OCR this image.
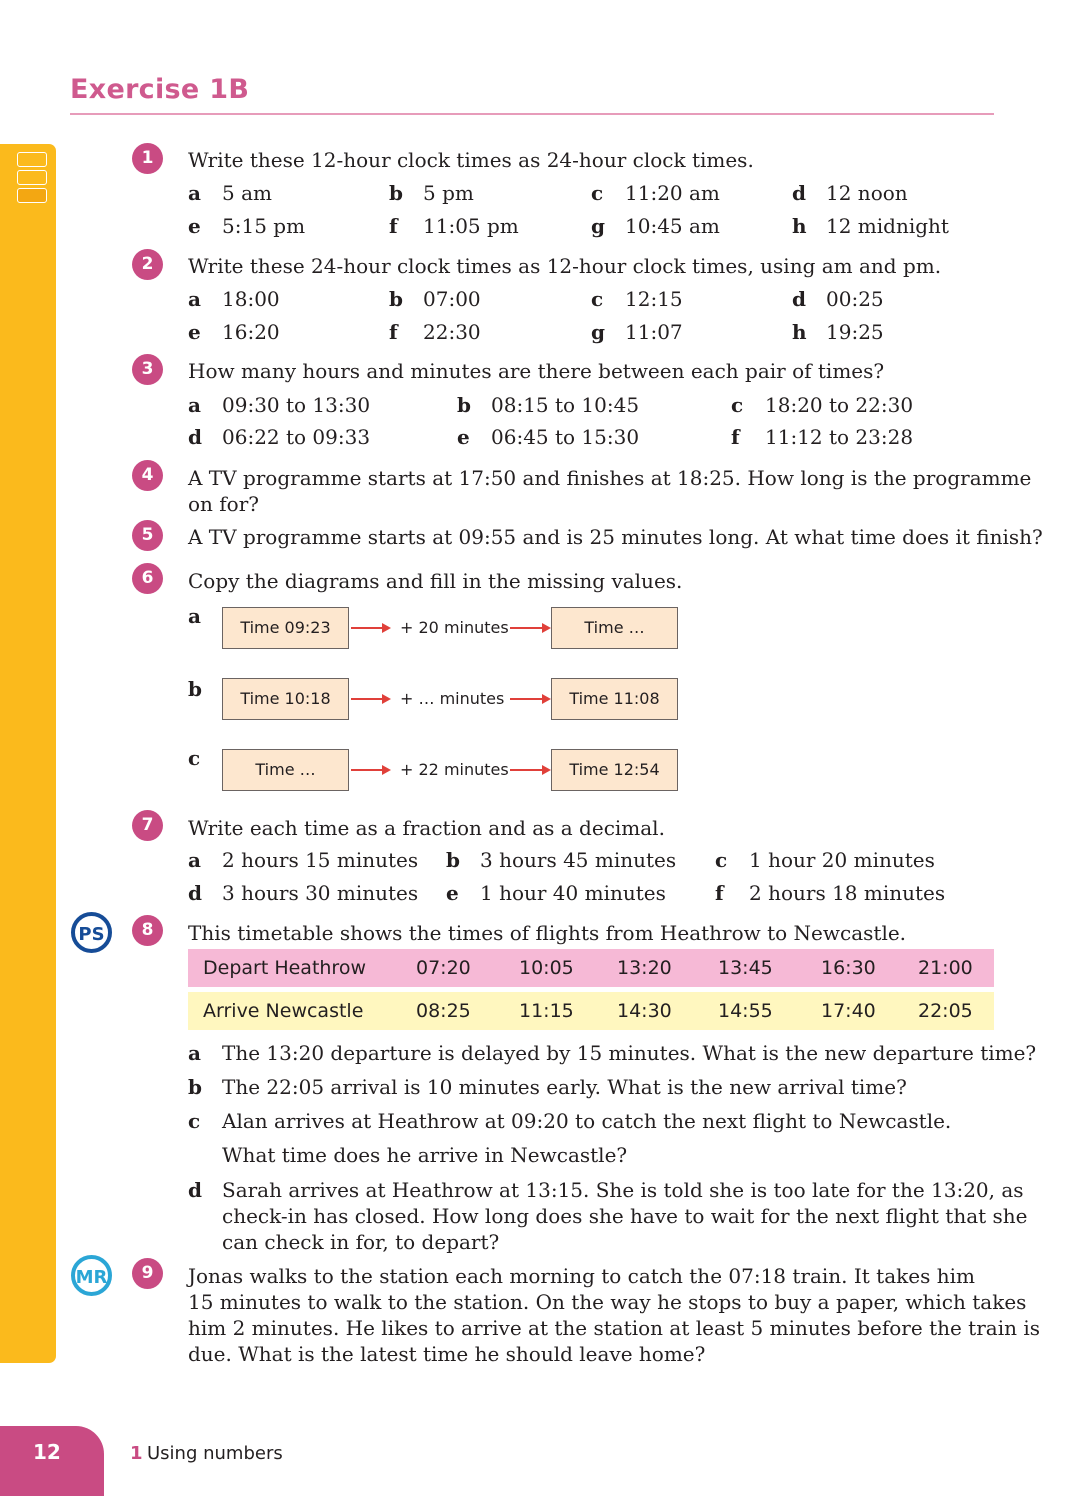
Exercise 1B
1	Write these 12-hour clock times as 24-hour clock times.
a 5 am	b 5 pm	c 11:20 am	d 12 noon
e 5:15 pm	f 11:05 pm	g 10:45 am	h 12 midnight
2	Write these 24-hour clock times as 12-hour clock times, using am and pm.
a 18:00	b 07:00	c 12:15	d 00:25
e 16:20	f 22:30	g 11:07	h 19:25
3	How many hours and minutes are there between each pair of times?
a 09:30 to 13:30	b 08:15 to 10:45	c 18:20 to 22:30
d 06:22 to 09:33	e 06:45 to 15:30	f 11:12 to 23:28
4	A TV programme starts at 17:50 and finishes at 18:25. How long is the programme
on for?
5	A TV programme starts at 09:55 and is 25 minutes long. At what time does it finish?
6	Copy the diagrams and fill in the missing values.
a	Time 09:23	+ 20 minutes	Time …
b	Time 10:18	+ … minutes	Time 11:08
c	Time …	+ 22 minutes	Time 12:54
7	Write each time as a fraction and as a decimal.
a 2 hours 15 minutes b 3 hours 45 minutes c 1 hour 20 minutes
d 3 hours 30 minutes e 1 hour 40 minutes f 2 hours 18 minutes
PS	8	This timetable shows the times of flights from Heathrow to Newcastle.
Depart Heathrow	07:20	10:05 13:20 13:45	16:30 21:00
Arrive Newcastle	08:25	11:15 14:30 14:55	17:40 22:05
a The 13:20 departure is delayed by 15 minutes. What is the new departure time?
b The 22:05 arrival is 10 minutes early. What is the new arrival time?
c Alan arrives at Heathrow at 09:20 to catch the next flight to Newcastle.
What time does he arrive in Newcastle?
d Sarah arrives at Heathrow at 13:15. She is told she is too late for the 13:20, as
check-in has closed. How long does she have to wait for the next flight that she
can check in for, to depart?
MR	9	Jonas walks to the station each morning to catch the 07:18 train. It takes him
15 minutes to walk to the station. On the way he stops to buy a paper, which takes
him 2 minutes. He likes to arrive at the station at least 5 minutes before the train is
due. What is the latest time he should leave home?
12	1 Using numbers
